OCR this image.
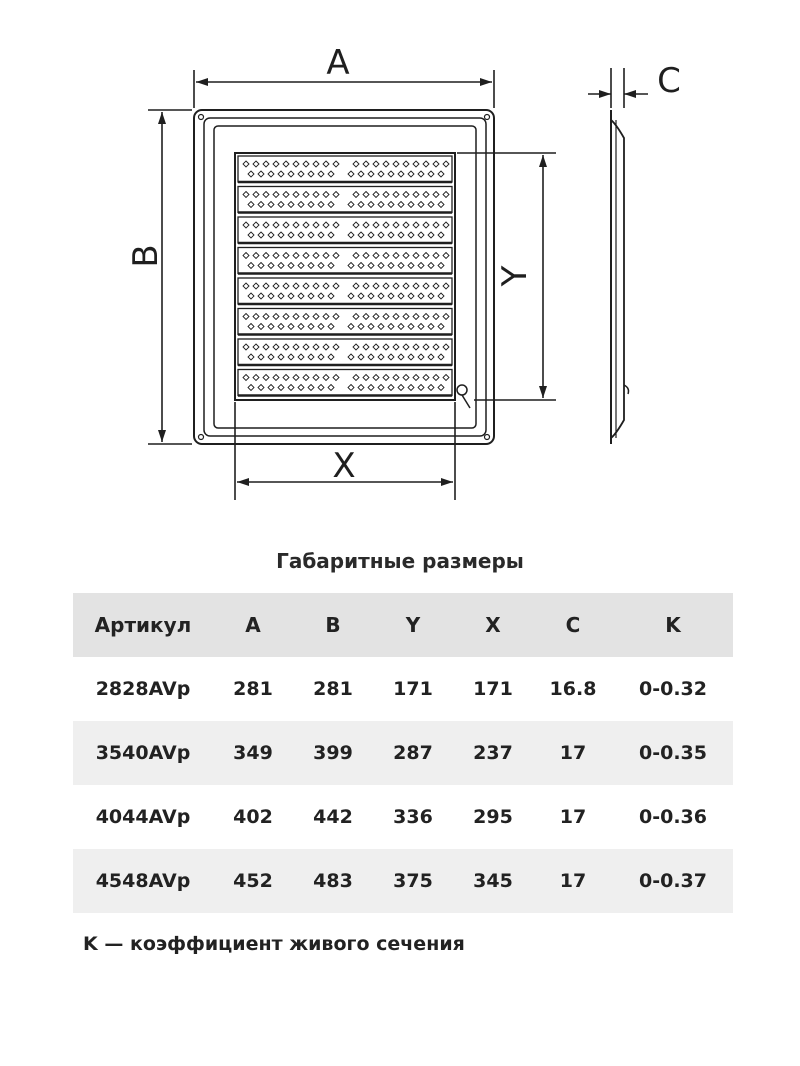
A
B
X
Y
C
Габаритные размеры
Артикул	A	B	Y	X	C	K
2828AVp	281	281	171	171	16.8	0-0.32
3540AVp	349	399	287	237	17	0-0.35
4044AVp	402	442	336	295	17	0-0.36
4548AVp	452	483	375	345	17	0-0.37
K — коэффициент живого сечения
